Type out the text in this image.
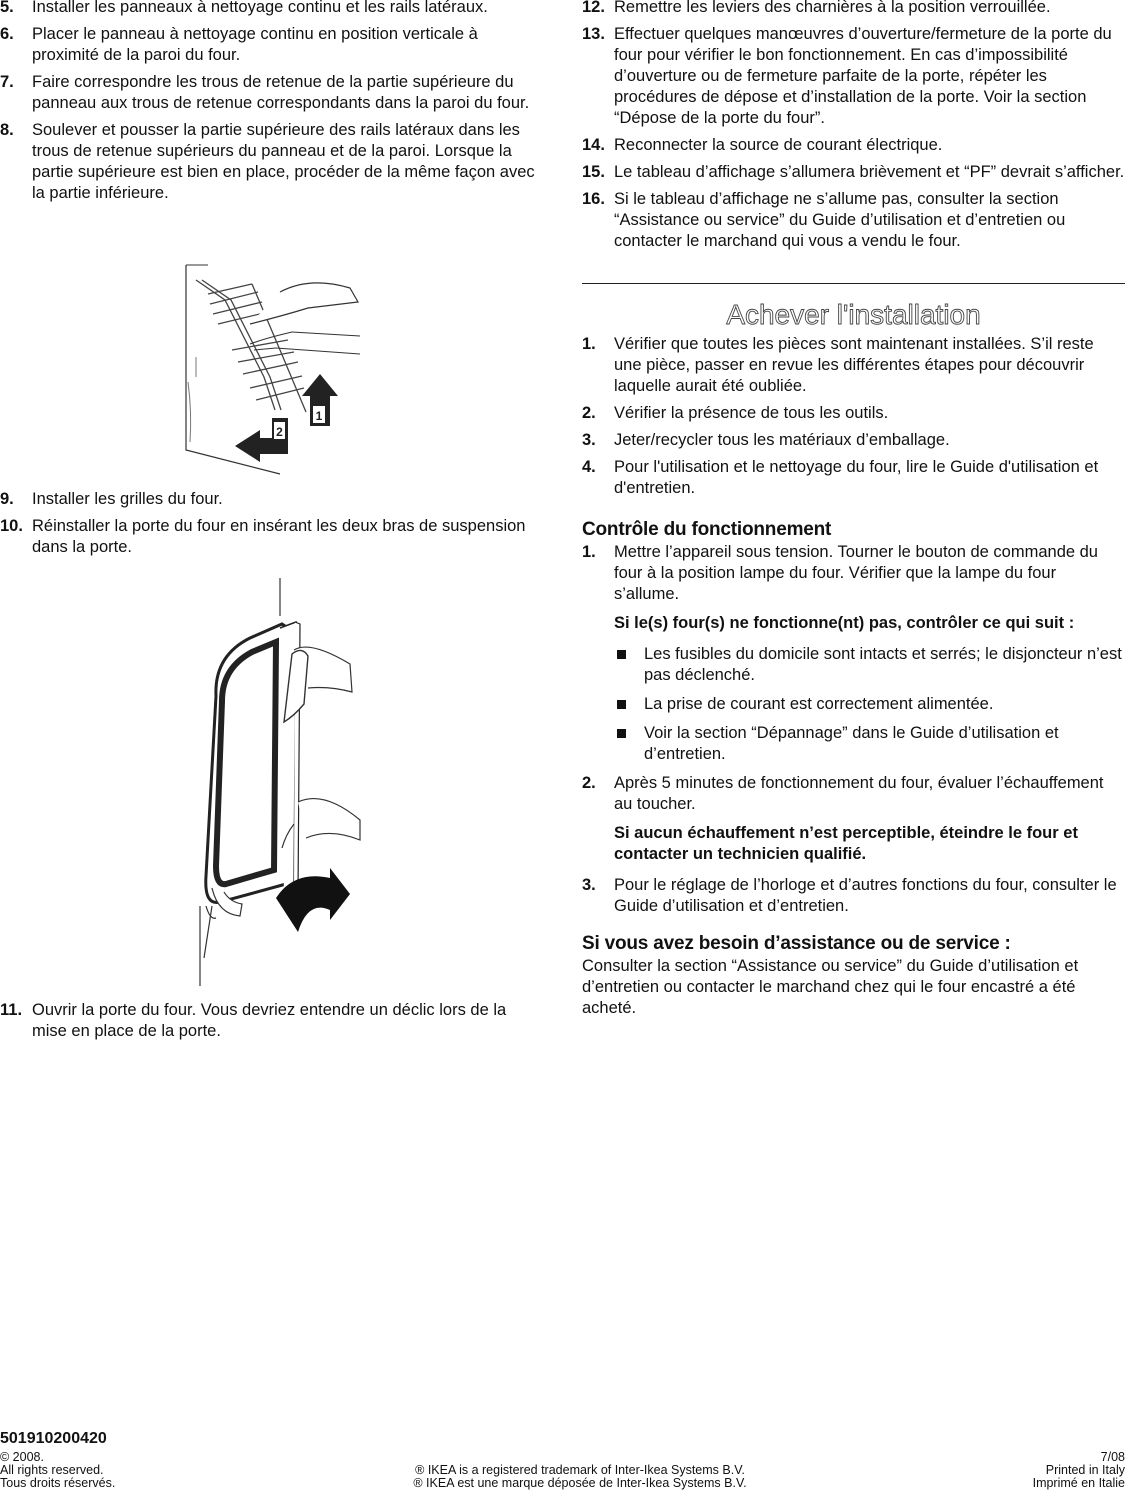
5. Installer les panneaux à nettoyage continu et les rails latéraux.
6. Placer le panneau à nettoyage continu en position verticale à proximité de la paroi du four.
7. Faire correspondre les trous de retenue de la partie supérieure du panneau aux trous de retenue correspondants dans la paroi du four.
8. Soulever et pousser la partie supérieure des rails latéraux dans les trous de retenue supérieurs du panneau et de la paroi. Lorsque la partie supérieure est bien en place, procéder de la même façon avec la partie inférieure.
1
2
9. Installer les grilles du four.
10. Réinstaller la porte du four en insérant les deux bras de suspension dans la porte.
11. Ouvrir la porte du four. Vous devriez entendre un déclic lors de la mise en place de la porte.
12. Remettre les leviers des charnières à la position verrouillée.
13. Effectuer quelques manœuvres d’ouverture/fermeture de la porte du four pour vérifier le bon fonctionnement. En cas d’impossibilité d’ouverture ou de fermeture parfaite de la porte, répéter les procédures de dépose et d’installation de la porte. Voir la section “Dépose de la porte du four”.
14. Reconnecter la source de courant électrique.
15. Le tableau d’affichage s’allumera brièvement et “PF” devrait s’afficher.
16. Si le tableau d’affichage ne s’allume pas, consulter la section “Assistance ou service” du Guide d’utilisation et d’entretien ou contacter le marchand qui vous a vendu le four.
Achever l'installation
1. Vérifier que toutes les pièces sont maintenant installées. S’il reste une pièce, passer en revue les différentes étapes pour découvrir laquelle aurait été oubliée.
2. Vérifier la présence de tous les outils.
3. Jeter/recycler tous les matériaux d’emballage.
4. Pour l'utilisation et le nettoyage du four, lire le Guide d'utilisation et d'entretien.
Contrôle du fonctionnement
1. Mettre l’appareil sous tension. Tourner le bouton de commande du four à la position lampe du four. Vérifier que la lampe du four s’allume.
Si le(s) four(s) ne fonctionne(nt) pas, contrôler ce qui suit :
Les fusibles du domicile sont intacts et serrés; le disjoncteur n’est pas déclenché.
La prise de courant est correctement alimentée.
Voir la section “Dépannage” dans le Guide d’utilisation et d’entretien.
2. Après 5 minutes de fonctionnement du four, évaluer l’échauffement au toucher.
Si aucun échauffement n’est perceptible, éteindre le four et contacter un technicien qualifié.
3. Pour le réglage de l’horloge et d’autres fonctions du four, consulter le Guide d’utilisation et d’entretien.
Si vous avez besoin d’assistance ou de service :
Consulter la section “Assistance ou service” du Guide d’utilisation et d’entretien ou contacter le marchand chez qui le four encastré a été acheté.
501910200420
© 2008.
All rights reserved.
Tous droits réservés.
® IKEA is a registered trademark of Inter-Ikea Systems B.V.
® IKEA est une marque déposée de Inter-Ikea Systems B.V.
7/08
Printed in Italy
Imprimé en Italie
